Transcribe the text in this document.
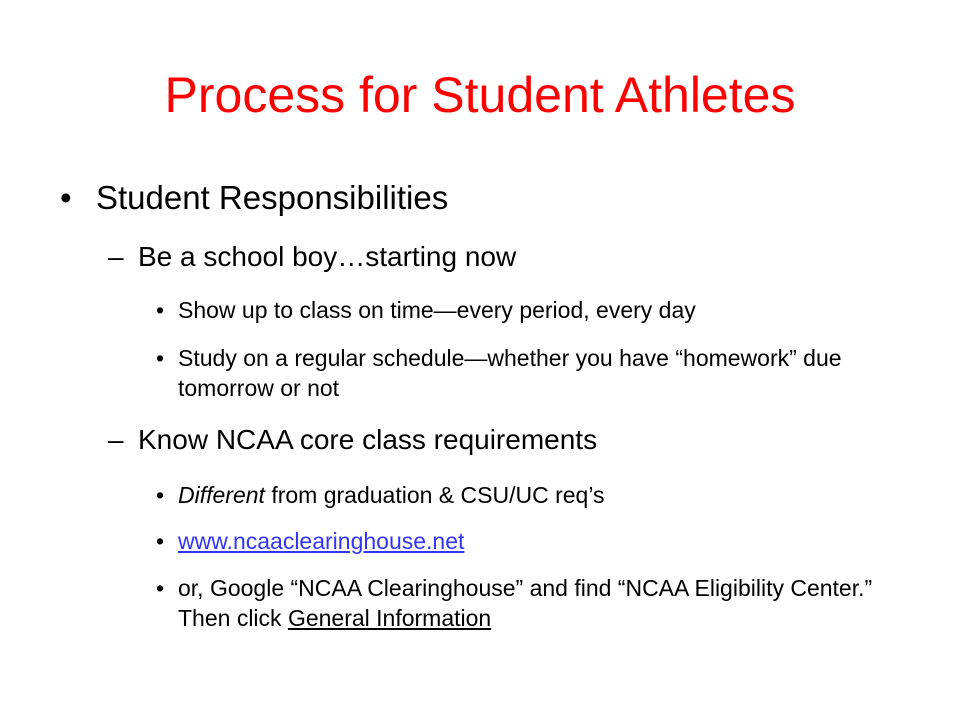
Process for Student Athletes
• Student Responsibilities
– Be a school boy…starting now
• Show up to class on time—every period, every day
• Study on a regular schedule—whether you have “homework” due tomorrow or not
– Know NCAA core class requirements
• Different from graduation & CSU/UC req’s
• www.ncaaclearinghouse.net
• or, Google “NCAA Clearinghouse” and find “NCAA Eligibility Center.” Then click General Information
